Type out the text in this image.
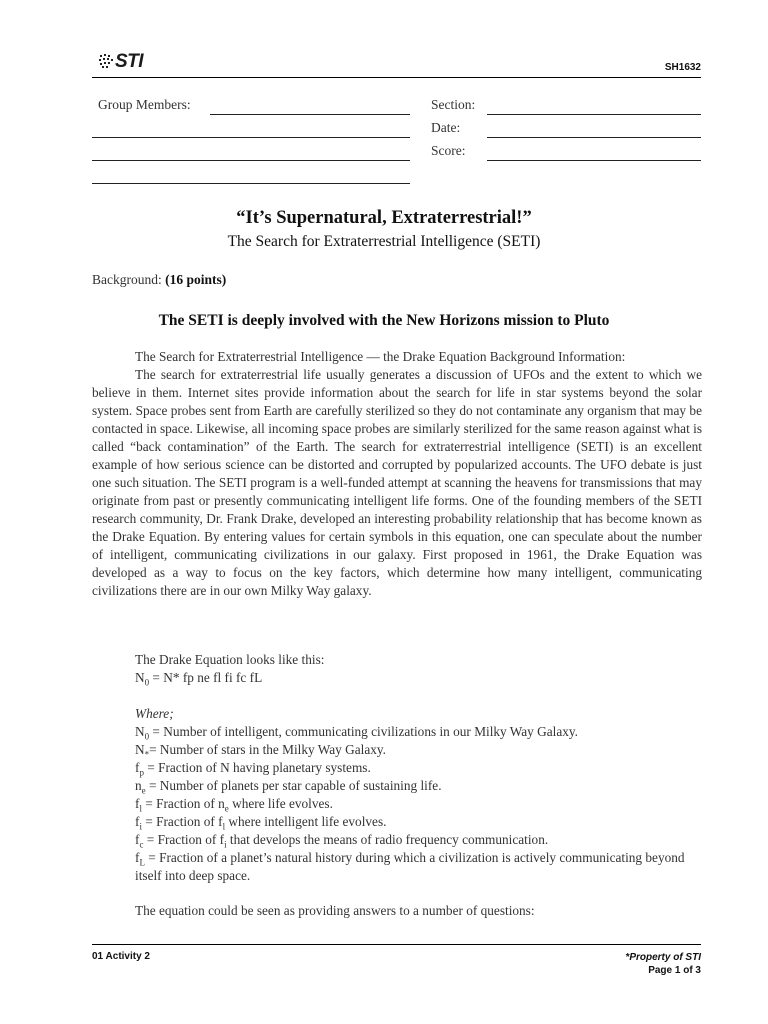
STI	SH1632
Group Members:	Section:
Date:
Score:
“It’s Supernatural, Extraterrestrial!”
The Search for Extraterrestrial Intelligence (SETI)
Background: (16 points)
The SETI is deeply involved with the New Horizons mission to Pluto

The Search for Extraterrestrial Intelligence — the Drake Equation Background Information:

The search for extraterrestrial life usually generates a discussion of UFOs and the extent to which we believe in them. Internet sites provide information about the search for life in star systems beyond the solar system. Space probes sent from Earth are carefully sterilized so they do not contaminate any organism that may be contacted in space. Likewise, all incoming space probes are similarly sterilized for the same reason against what is called “back contamination” of the Earth. The search for extraterrestrial intelligence (SETI) is an excellent example of how serious science can be distorted and corrupted by popularized accounts. The UFO debate is just one such situation. The SETI program is a well-funded attempt at scanning the heavens for transmissions that may originate from past or presently communicating intelligent life forms. One of the founding members of the SETI research community, Dr. Frank Drake, developed an interesting probability relationship that has become known as the Drake Equation. By entering values for certain symbols in this equation, one can speculate about the number of intelligent, communicating civilizations in our galaxy. First proposed in 1961, the Drake Equation was developed as a way to focus on the key factors, which determine how many intelligent, communicating civilizations there are in our own Milky Way galaxy.

The Drake Equation looks like this:
$N_0 = N*$ fp ne fl fi fc fL
Where;
$N_0$ = Number of intelligent, communicating civilizations in our Milky Way Galaxy.
$N_*=$ Number of stars in the Milky Way Galaxy.
$f_p$ = Fraction of N having planetary systems.
$n_e$ = Number of planets per star capable of sustaining life.
$f_l$ = Fraction of $n_e$ where life evolves.
$f_i$ = Fraction of $f_l$ where intelligent life evolves.
$f_c$ = Fraction of $f_i$ that develops the means of radio frequency communication.
$f_L$ = Fraction of a planet’s natural history during which a civilization is actively communicating beyond itself into deep space.
The equation could be seen as providing answers to a number of questions:
01 Activity 2	*Property of STI
Page 1 of 3
